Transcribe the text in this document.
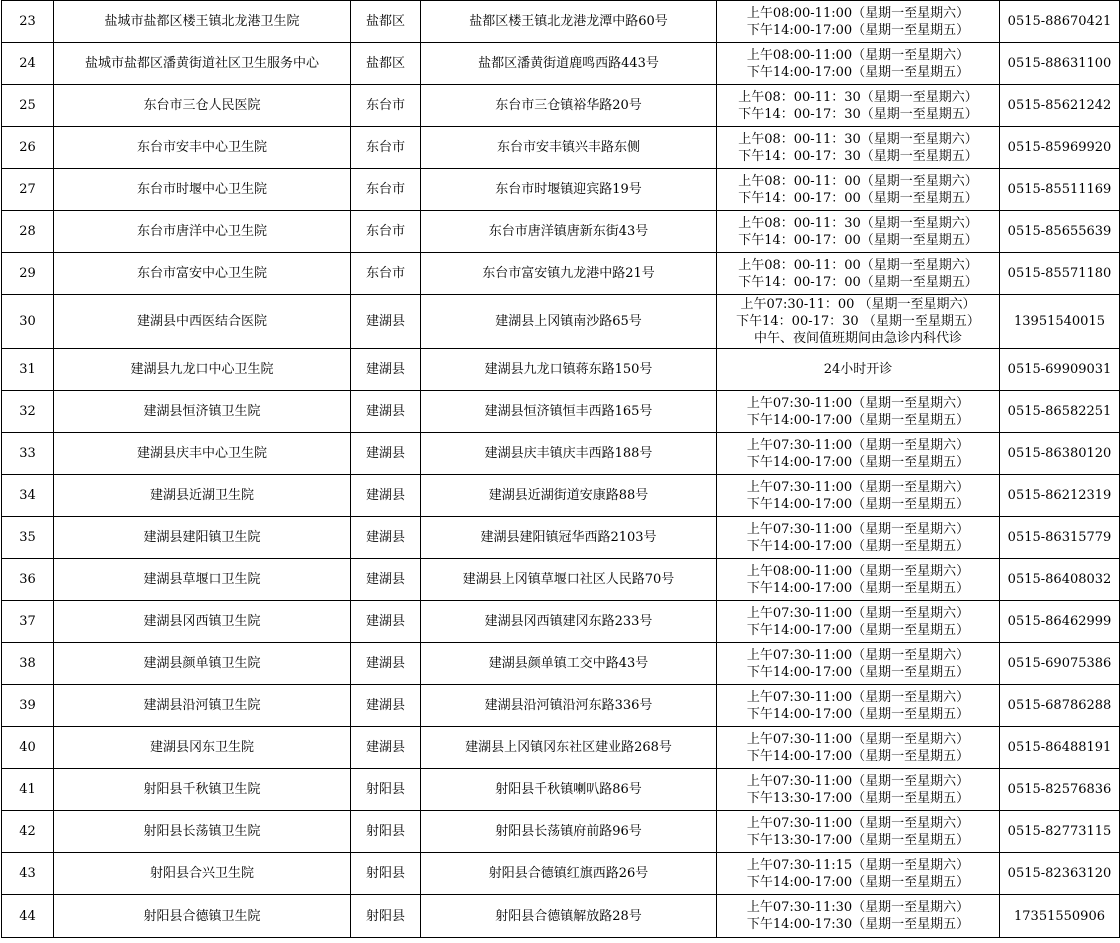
23	盐城市盐都区楼王镇北龙港卫生院	盐都区	盐都区楼王镇北龙港龙潭中路60号	上午08:00-11:00（星期一至星期六）
下午14:00-17:00（星期一至星期五）	0515-88670421
24	盐城市盐都区潘黄街道社区卫生服务中心	盐都区	盐都区潘黄街道鹿鸣西路443号	上午08:00-11:00（星期一至星期六）
下午14:00-17:00（星期一至星期五）	0515-88631100
25	东台市三仓人民医院	东台市	东台市三仓镇裕华路20号	上午08：00-11：30（星期一至星期六）
下午14：00-17：30（星期一至星期五）	0515-85621242
26	东台市安丰中心卫生院	东台市	东台市安丰镇兴丰路东侧	上午08：00-11：30（星期一至星期六）
下午14：00-17：30（星期一至星期五）	0515-85969920
27	东台市时堰中心卫生院	东台市	东台市时堰镇迎宾路19号	上午08：00-11：00（星期一至星期六）
下午14：00-17：00（星期一至星期五）	0515-85511169
28	东台市唐洋中心卫生院	东台市	东台市唐洋镇唐新东街43号	上午08：00-11：30（星期一至星期六）
下午14：00-17：00（星期一至星期五）	0515-85655639
29	东台市富安中心卫生院	东台市	东台市富安镇九龙港中路21号	上午08：00-11：00（星期一至星期六）
下午14：00-17：00（星期一至星期五）	0515-85571180
30	建湖县中西医结合医院	建湖县	建湖县上冈镇南沙路65号	上午07:30-11：00 （星期一至星期六）
下午14：00-17：30 （星期一至星期五）
中午、夜间值班期间由急诊内科代诊	13951540015
31	建湖县九龙口中心卫生院	建湖县	建湖县九龙口镇蒋东路150号	24小时开诊	0515-69909031
32	建湖县恒济镇卫生院	建湖县	建湖县恒济镇恒丰西路165号	上午07:30-11:00（星期一至星期六）
下午14:00-17:00（星期一至星期五）	0515-86582251
33	建湖县庆丰中心卫生院	建湖县	建湖县庆丰镇庆丰西路188号	上午07:30-11:00（星期一至星期六）
下午14:00-17:00（星期一至星期五）	0515-86380120
34	建湖县近湖卫生院	建湖县	建湖县近湖街道安康路88号	上午07:30-11:00（星期一至星期六）
下午14:00-17:00（星期一至星期五）	0515-86212319
35	建湖县建阳镇卫生院	建湖县	建湖县建阳镇冠华西路2103号	上午07:30-11:00（星期一至星期六）
下午14:00-17:00（星期一至星期五）	0515-86315779
36	建湖县草堰口卫生院	建湖县	建湖县上冈镇草堰口社区人民路70号	上午08:00-11:00（星期一至星期六）
下午14:00-17:00（星期一至星期五）	0515-86408032
37	建湖县冈西镇卫生院	建湖县	建湖县冈西镇建冈东路233号	上午07:30-11:00（星期一至星期六）
下午14:00-17:00（星期一至星期五）	0515-86462999
38	建湖县颜单镇卫生院	建湖县	建湖县颜单镇工交中路43号	上午07:30-11:00（星期一至星期六）
下午14:00-17:00（星期一至星期五）	0515-69075386
39	建湖县沿河镇卫生院	建湖县	建湖县沿河镇沿河东路336号	上午07:30-11:00（星期一至星期六）
下午14:00-17:00（星期一至星期五）	0515-68786288
40	建湖县冈东卫生院	建湖县	建湖县上冈镇冈东社区建业路268号	上午07:30-11:00（星期一至星期六）
下午14:00-17:00（星期一至星期五）	0515-86488191
41	射阳县千秋镇卫生院	射阳县	射阳县千秋镇喇叭路86号	上午07:30-11:00（星期一至星期六）
下午13:30-17:00（星期一至星期五）	0515-82576836
42	射阳县长荡镇卫生院	射阳县	射阳县长荡镇府前路96号	上午07:30-11:00（星期一至星期六）
下午13:30-17:00（星期一至星期五）	0515-82773115
43	射阳县合兴卫生院	射阳县	射阳县合德镇红旗西路26号	上午07:30-11:15（星期一至星期六）
下午14:00-17:00（星期一至星期五）	0515-82363120
44	射阳县合德镇卫生院	射阳县	射阳县合德镇解放路28号	上午07:30-11:30（星期一至星期六）
下午14:00-17:30（星期一至星期五）	17351550906
